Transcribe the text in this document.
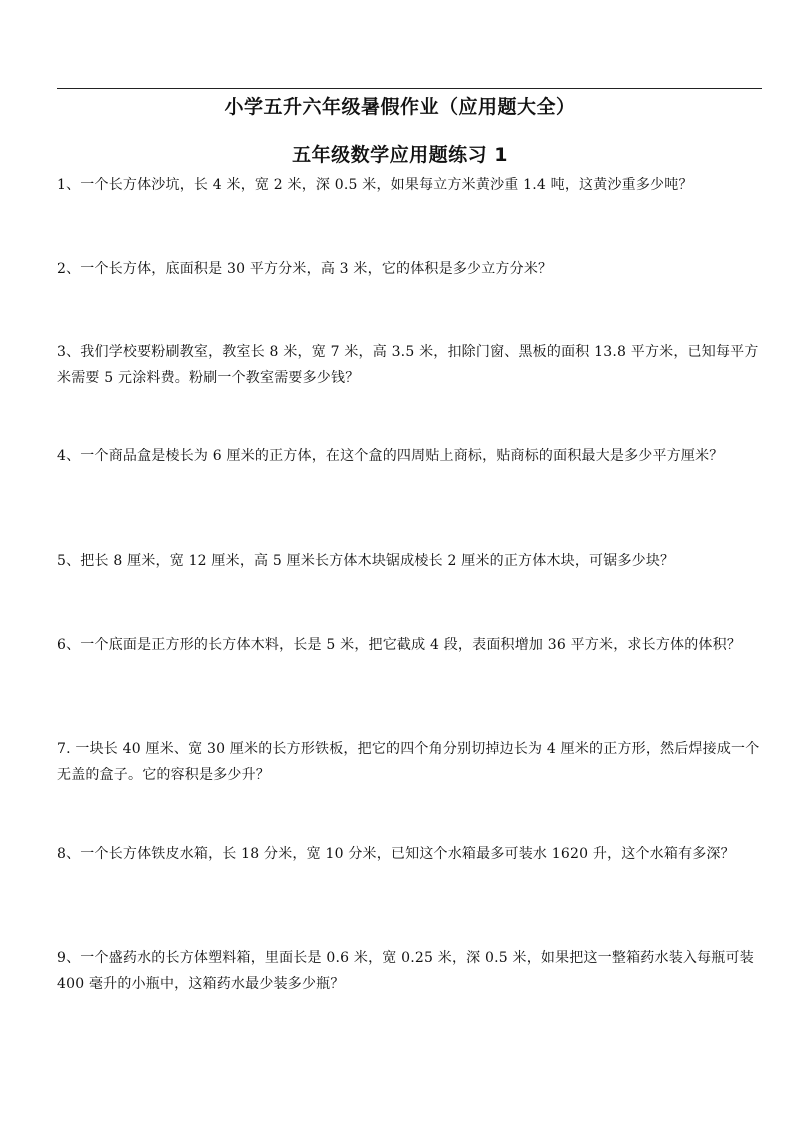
小学五升六年级暑假作业（应用题大全）
五年级数学应用题练习 1
1、一个长方体沙坑，长 4 米，宽 2 米，深 0.5 米，如果每立方米黄沙重 1.4 吨，这黄沙重多少吨？
2、一个长方体，底面积是 30 平方分米，高 3 米，它的体积是多少立方分米？
3、我们学校要粉刷教室，教室长 8 米，宽 7 米，高 3.5 米，扣除门窗、黑板的面积 13.8 平方米，已知每平方米需要 5 元涂料费。粉刷一个教室需要多少钱？
4、一个商品盒是棱长为 6 厘米的正方体，在这个盒的四周贴上商标，贴商标的面积最大是多少平方厘米？
5、把长 8 厘米，宽 12 厘米，高 5 厘米长方体木块锯成棱长 2 厘米的正方体木块，可锯多少块？
6、一个底面是正方形的长方体木料，长是 5 米，把它截成 4 段，表面积增加 36 平方米，求长方体的体积？
7. 一块长 40 厘米、宽 30 厘米的长方形铁板，把它的四个角分别切掉边长为 4 厘米的正方形，然后焊接成一个无盖的盒子。它的容积是多少升？
8、一个长方体铁皮水箱，长 18 分米，宽 10 分米，已知这个水箱最多可装水 1620 升，这个水箱有多深？
9、一个盛药水的长方体塑料箱，里面长是 0.6 米，宽 0.25 米，深 0.5 米，如果把这一整箱药水装入每瓶可装 400 毫升的小瓶中，这箱药水最少装多少瓶？
